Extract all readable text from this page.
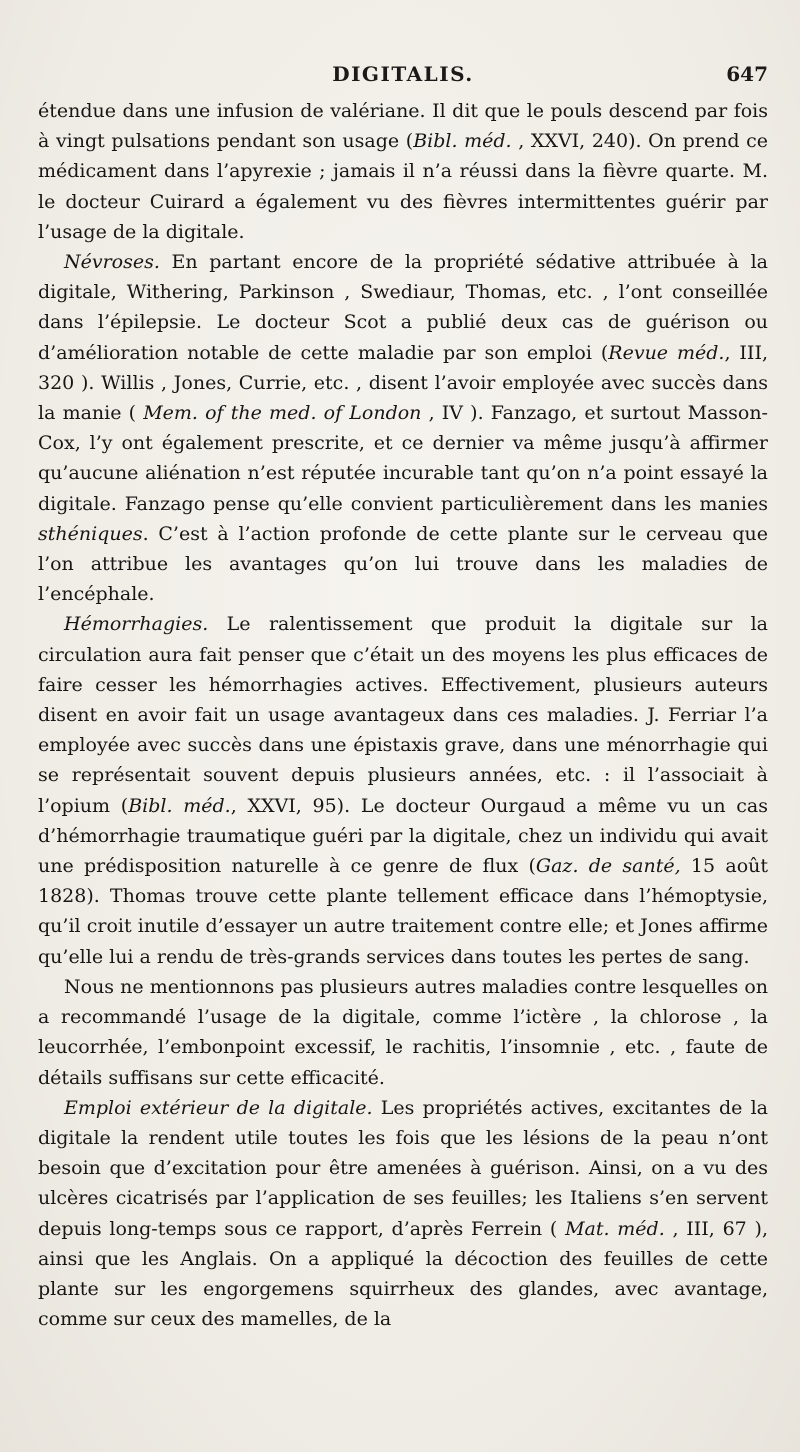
DIGITALIS.	647

étendue dans une infusion de valériane. Il dit que le pouls descend par fois à vingt pulsations pendant son usage (Bibl. méd. , XXVI, 240). On prend ce médicament dans l’apyrexie ; jamais il n’a réussi dans la fièvre quarte. M. le docteur Cuirard a également vu des fièvres intermittentes guérir par l’usage de la digitale.

Névroses. En partant encore de la propriété sédative attribuée à la digitale, Withering, Parkinson , Swediaur, Thomas, etc. , l’ont conseillée dans l’épilepsie. Le docteur Scot a publié deux cas de guérison ou d’amélioration notable de cette maladie par son emploi (Revue méd., III, 320 ). Willis , Jones, Currie, etc. , disent l’avoir employée avec succès dans la manie ( Mem. of the med. of London , IV ). Fanzago, et surtout Masson-Cox, l’y ont également prescrite, et ce dernier va même jusqu’à affirmer qu’aucune aliénation n’est réputée incurable tant qu’on n’a point essayé la digitale. Fanzago pense qu’elle convient particulièrement dans les manies sthéniques. C’est à l’action profonde de cette plante sur le cerveau que l’on attribue les avantages qu’on lui trouve dans les maladies de l’encéphale.

Hémorrhagies. Le ralentissement que produit la digitale sur la circulation aura fait penser que c’était un des moyens les plus efficaces de faire cesser les hémorrhagies actives. Effectivement, plusieurs auteurs disent en avoir fait un usage avantageux dans ces maladies. J. Ferriar l’a employée avec succès dans une épistaxis grave, dans une ménorrhagie qui se représentait souvent depuis plusieurs années, etc. : il l’associait à l’opium (Bibl. méd., XXVI, 95). Le docteur Ourgaud a même vu un cas d’hémorrhagie traumatique guéri par la digitale, chez un individu qui avait une prédisposition naturelle à ce genre de flux (Gaz. de santé, 15 août 1828). Thomas trouve cette plante tellement efficace dans l’hémoptysie, qu’il croit inutile d’essayer un autre traitement contre elle; et Jones affirme qu’elle lui a rendu de très-grands services dans toutes les pertes de sang.

Nous ne mentionnons pas plusieurs autres maladies contre lesquelles on a recommandé l’usage de la digitale, comme l’ictère , la chlorose , la leucorrhée, l’embonpoint excessif, le rachitis, l’insomnie , etc. , faute de détails suffisans sur cette efficacité.

Emploi extérieur de la digitale. Les propriétés actives, excitantes de la digitale la rendent utile toutes les fois que les lésions de la peau n’ont besoin que d’excitation pour être amenées à guérison. Ainsi, on a vu des ulcères cicatrisés par l’application de ses feuilles; les Italiens s’en servent depuis long-temps sous ce rapport, d’après Ferrein ( Mat. méd. , III, 67 ), ainsi que les Anglais. On a appliqué la décoction des feuilles de cette plante sur les engorgemens squirrheux des glandes, avec avantage, comme sur ceux des mamelles, de la
